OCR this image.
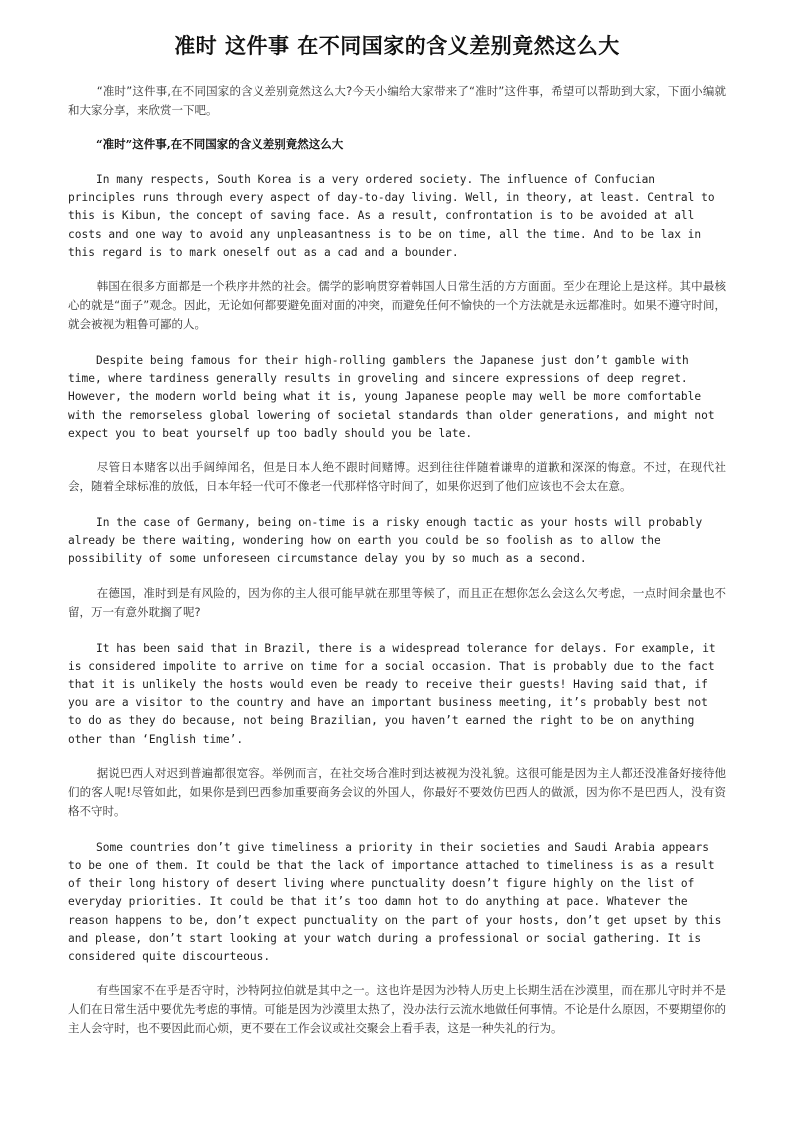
准时 这件事 在不同国家的含义差别竟然这么大

“准时”这件事,在不同国家的含义差别竟然这么大?今天小编给大家带来了“准时”这件事，希望可以帮助到大家，下面小编就和大家分享，来欣赏一下吧。

“准时”这件事,在不同国家的含义差别竟然这么大

In many respects, South Korea is a very ordered society. The influence of Confucian principles runs through every aspect of day-to-day living. Well, in theory, at least. Central to this is Kibun, the concept of saving face. As a result, confrontation is to be avoided at all costs and one way to avoid any unpleasantness is to be on time, all the time. And to be lax in this regard is to mark oneself out as a cad and a bounder.

韩国在很多方面都是一个秩序井然的社会。儒学的影响贯穿着韩国人日常生活的方方面面。至少在理论上是这样。其中最核心的就是“面子”观念。因此，无论如何都要避免面对面的冲突，而避免任何不愉快的一个方法就是永远都准时。如果不遵守时间，就会被视为粗鲁可鄙的人。

Despite being famous for their high-rolling gamblers the Japanese just don’t gamble with time, where tardiness generally results in groveling and sincere expressions of deep regret. However, the modern world being what it is, young Japanese people may well be more comfortable with the remorseless global lowering of societal standards than older generations, and might not expect you to beat yourself up too badly should you be late.

尽管日本赌客以出手阔绰闻名，但是日本人绝不跟时间赌博。迟到往往伴随着谦卑的道歉和深深的悔意。不过，在现代社会，随着全球标准的放低，日本年轻一代可不像老一代那样恪守时间了，如果你迟到了他们应该也不会太在意。

In the case of Germany, being on-time is a risky enough tactic as your hosts will probably already be there waiting, wondering how on earth you could be so foolish as to allow the possibility of some unforeseen circumstance delay you by so much as a second.

在德国，准时到是有风险的，因为你的主人很可能早就在那里等候了，而且正在想你怎么会这么欠考虑，一点时间余量也不留，万一有意外耽搁了呢?

It has been said that in Brazil, there is a widespread tolerance for delays. For example, it is considered impolite to arrive on time for a social occasion. That is probably due to the fact that it is unlikely the hosts would even be ready to receive their guests! Having said that, if you are a visitor to the country and have an important business meeting, it’s probably best not to do as they do because, not being Brazilian, you haven’t earned the right to be on anything other than ‘English time’.

据说巴西人对迟到普遍都很宽容。举例而言，在社交场合准时到达被视为没礼貌。这很可能是因为主人都还没准备好接待他们的客人呢!尽管如此，如果你是到巴西参加重要商务会议的外国人，你最好不要效仿巴西人的做派，因为你不是巴西人，没有资格不守时。

Some countries don’t give timeliness a priority in their societies and Saudi Arabia appears to be one of them. It could be that the lack of importance attached to timeliness is as a result of their long history of desert living where punctuality doesn’t figure highly on the list of everyday priorities. It could be that it’s too damn hot to do anything at pace. Whatever the reason happens to be, don’t expect punctuality on the part of your hosts, don’t get upset by this and please, don’t start looking at your watch during a professional or social gathering. It is considered quite discourteous.

有些国家不在乎是否守时，沙特阿拉伯就是其中之一。这也许是因为沙特人历史上长期生活在沙漠里，而在那儿守时并不是人们在日常生活中要优先考虑的事情。可能是因为沙漠里太热了，没办法行云流水地做任何事情。不论是什么原因，不要期望你的主人会守时，也不要因此而心烦，更不要在工作会议或社交聚会上看手表，这是一种失礼的行为。
